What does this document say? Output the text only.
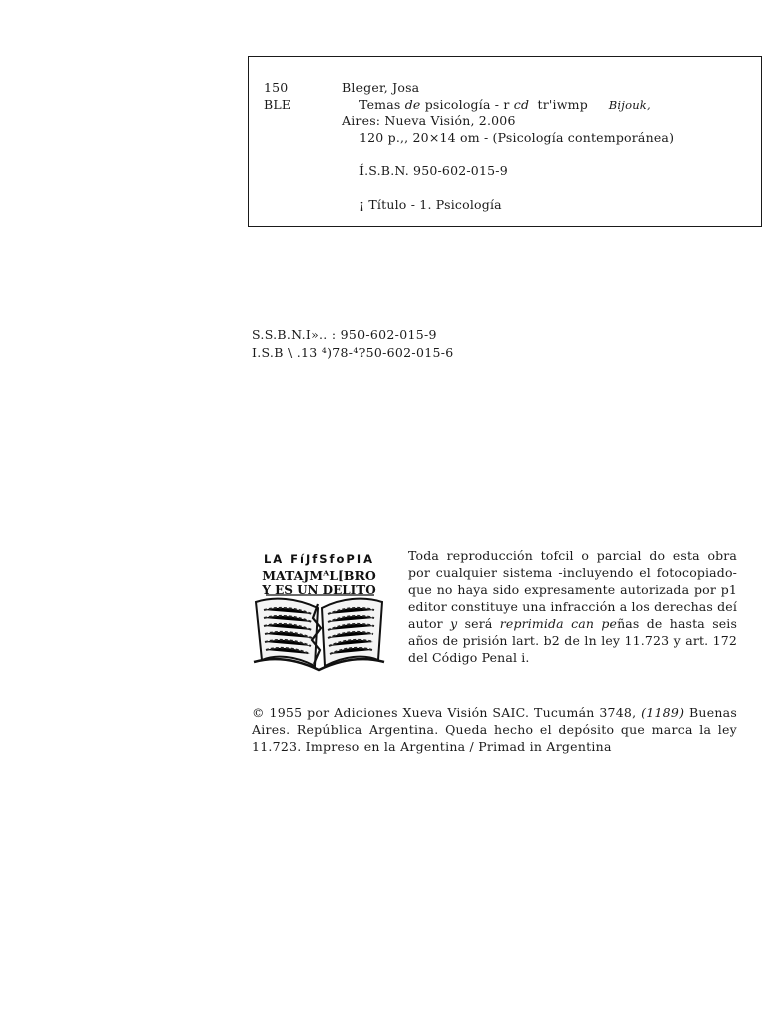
150
BLE
Bleger, Josa
Temas de psicología - r cd tr'iwmp Bijouk,
Aires: Nueva Visión, 2.006
120 p.,, 20×14 om - (Psicología contemporánea)
Í.S.B.N. 950-602-015-9
¡ Título - 1. Psicología
S.S.B.N.I».. : 950-602-015-9
I.S.B \ .13 ⁴)78-⁴?50-602-015-6
LA FíJfSfoPIA
MATAJMᴬL[BRO
Y ES UN DELITO
Toda reproducción tofcil o parcial do esta obra por cualquier sistema -incluyendo el fotocopiado- que no haya sido expresamente autorizada por p1 editor constituye una infracción a los derechas deí autor y será reprimida can peñas de hasta seis años de prisión lart. b2 de ln ley 11.723 y art. 172 del Código Penal i.
© 1955 por Adiciones Xueva Visión SAIC. Tucumán 3748, (1189) Buenas Aires. República Argentina. Queda hecho el depósito que marca la ley 11.723. Impreso en la Argentina / Primad in Argentina
